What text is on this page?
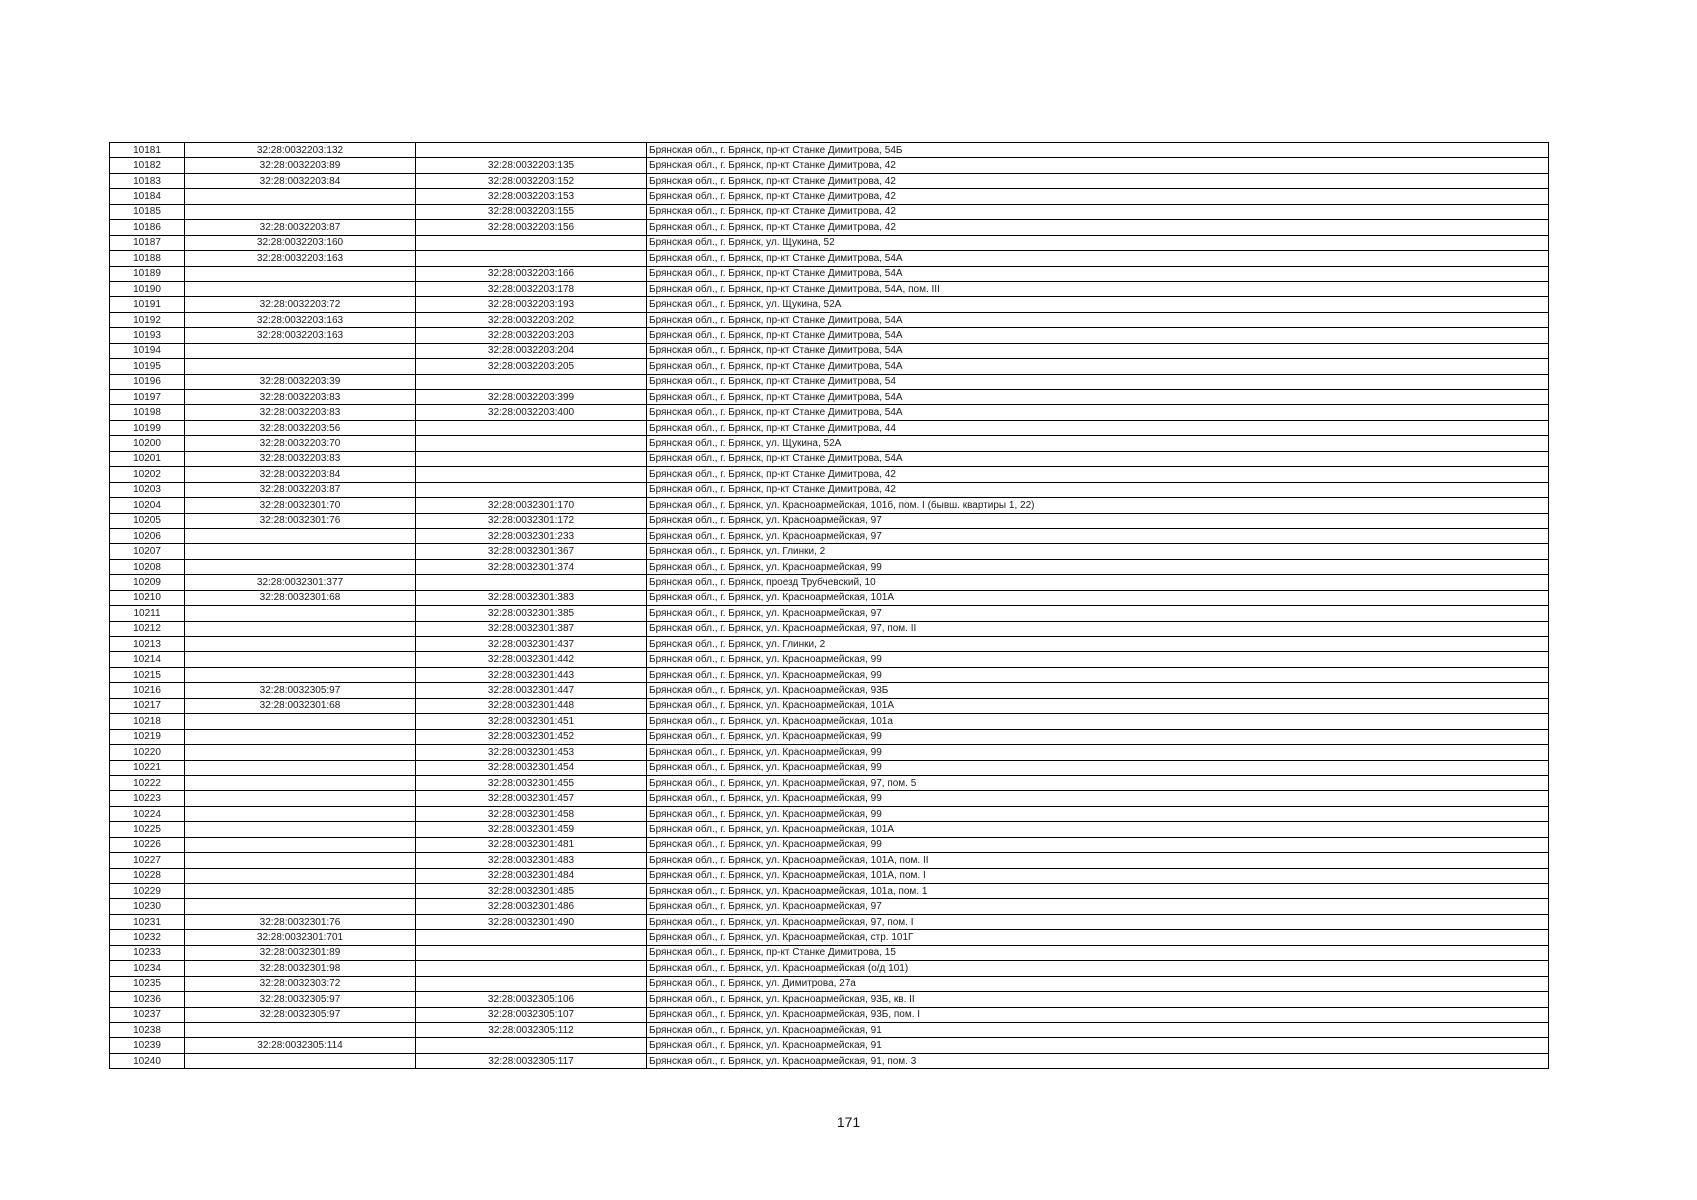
10181	32:28:0032203:132		Брянская обл., г. Брянск, пр-кт Станке Димитрова, 54Б
10182	32:28:0032203:89	32:28:0032203:135	Брянская обл., г. Брянск, пр-кт Станке Димитрова, 42
10183	32:28:0032203:84	32:28:0032203:152	Брянская обл., г. Брянск, пр-кт Станке Димитрова, 42
10184		32:28:0032203:153	Брянская обл., г. Брянск, пр-кт Станке Димитрова, 42
10185		32:28:0032203:155	Брянская обл., г. Брянск, пр-кт Станке Димитрова, 42
10186	32:28:0032203:87	32:28:0032203:156	Брянская обл., г. Брянск, пр-кт Станке Димитрова, 42
10187	32:28:0032203:160		Брянская обл., г. Брянск, ул. Щукина, 52
10188	32:28:0032203:163		Брянская обл., г. Брянск, пр-кт Станке Димитрова, 54А
10189		32:28:0032203:166	Брянская обл., г. Брянск, пр-кт Станке Димитрова, 54А
10190		32:28:0032203:178	Брянская обл., г. Брянск, пр-кт Станке Димитрова, 54А, пом. III
10191	32:28:0032203:72	32:28:0032203:193	Брянская обл., г. Брянск, ул. Щукина, 52А
10192	32:28:0032203:163	32:28:0032203:202	Брянская обл., г. Брянск, пр-кт Станке Димитрова, 54А
10193	32:28:0032203:163	32:28:0032203:203	Брянская обл., г. Брянск, пр-кт Станке Димитрова, 54А
10194		32:28:0032203:204	Брянская обл., г. Брянск, пр-кт Станке Димитрова, 54А
10195		32:28:0032203:205	Брянская обл., г. Брянск, пр-кт Станке Димитрова, 54А
10196	32:28:0032203:39		Брянская обл., г. Брянск, пр-кт Станке Димитрова, 54
10197	32:28:0032203:83	32:28:0032203:399	Брянская обл., г. Брянск, пр-кт Станке Димитрова, 54А
10198	32:28:0032203:83	32:28:0032203:400	Брянская обл., г. Брянск, пр-кт Станке Димитрова, 54А
10199	32:28:0032203:56		Брянская обл., г. Брянск, пр-кт Станке Димитрова, 44
10200	32:28:0032203:70		Брянская обл., г. Брянск, ул. Щукина, 52А
10201	32:28:0032203:83		Брянская обл., г. Брянск, пр-кт Станке Димитрова, 54А
10202	32:28:0032203:84		Брянская обл., г. Брянск, пр-кт Станке Димитрова, 42
10203	32:28:0032203:87		Брянская обл., г. Брянск, пр-кт Станке Димитрова, 42
10204	32:28:0032301:70	32:28:0032301:170	Брянская обл., г. Брянск, ул. Красноармейская, 101б, пом. I (бывш. квартиры 1, 22)
10205	32:28:0032301:76	32:28:0032301:172	Брянская обл., г. Брянск, ул. Красноармейская, 97
10206		32:28:0032301:233	Брянская обл., г. Брянск, ул. Красноармейская, 97
10207		32:28:0032301:367	Брянская обл., г. Брянск, ул. Глинки, 2
10208		32:28:0032301:374	Брянская обл., г. Брянск, ул. Красноармейская, 99
10209	32:28:0032301:377		Брянская обл., г. Брянск, проезд Трубчевский, 10
10210	32:28:0032301:68	32:28:0032301:383	Брянская обл., г. Брянск, ул. Красноармейская, 101А
10211		32:28:0032301:385	Брянская обл., г. Брянск, ул. Красноармейская, 97
10212		32:28:0032301:387	Брянская обл., г. Брянск, ул. Красноармейская, 97, пом. II
10213		32:28:0032301:437	Брянская обл., г. Брянск, ул. Глинки, 2
10214		32:28:0032301:442	Брянская обл., г. Брянск, ул. Красноармейская, 99
10215		32:28:0032301:443	Брянская обл., г. Брянск, ул. Красноармейская, 99
10216	32:28:0032305:97	32:28:0032301:447	Брянская обл., г. Брянск, ул. Красноармейская, 93Б
10217	32:28:0032301:68	32:28:0032301:448	Брянская обл., г. Брянск, ул. Красноармейская, 101А
10218		32:28:0032301:451	Брянская обл., г. Брянск, ул. Красноармейская, 101а
10219		32:28:0032301:452	Брянская обл., г. Брянск, ул. Красноармейская, 99
10220		32:28:0032301:453	Брянская обл., г. Брянск, ул. Красноармейская, 99
10221		32:28:0032301:454	Брянская обл., г. Брянск, ул. Красноармейская, 99
10222		32:28:0032301:455	Брянская обл., г. Брянск, ул. Красноармейская, 97, пом. 5
10223		32:28:0032301:457	Брянская обл., г. Брянск, ул. Красноармейская, 99
10224		32:28:0032301:458	Брянская обл., г. Брянск, ул. Красноармейская, 99
10225		32:28:0032301:459	Брянская обл., г. Брянск, ул. Красноармейская, 101А
10226		32:28:0032301:481	Брянская обл., г. Брянск, ул. Красноармейская, 99
10227		32:28:0032301:483	Брянская обл., г. Брянск, ул. Красноармейская, 101А, пом. II
10228		32:28:0032301:484	Брянская обл., г. Брянск, ул. Красноармейская, 101А, пом. I
10229		32:28:0032301:485	Брянская обл., г. Брянск, ул. Красноармейская, 101а, пом. 1
10230		32:28:0032301:486	Брянская обл., г. Брянск, ул. Красноармейская, 97
10231	32:28:0032301:76	32:28:0032301:490	Брянская обл., г. Брянск, ул. Красноармейская, 97, пом. I
10232	32:28:0032301:701		Брянская обл., г. Брянск, ул. Красноармейская, стр. 101Г
10233	32:28:0032301:89		Брянская обл., г. Брянск, пр-кт Станке Димитрова, 15
10234	32:28:0032301:98		Брянская обл., г. Брянск, ул. Красноармейская (о/д 101)
10235	32:28:0032303:72		Брянская обл., г. Брянск, ул. Димитрова, 27а
10236	32:28:0032305:97	32:28:0032305:106	Брянская обл., г. Брянск, ул. Красноармейская, 93Б, кв. II
10237	32:28:0032305:97	32:28:0032305:107	Брянская обл., г. Брянск, ул. Красноармейская, 93Б, пом. I
10238		32:28:0032305:112	Брянская обл., г. Брянск, ул. Красноармейская, 91
10239	32:28:0032305:114		Брянская обл., г. Брянск, ул. Красноармейская, 91
10240		32:28:0032305:117	Брянская обл., г. Брянск, ул. Красноармейская, 91, пом. 3
171
